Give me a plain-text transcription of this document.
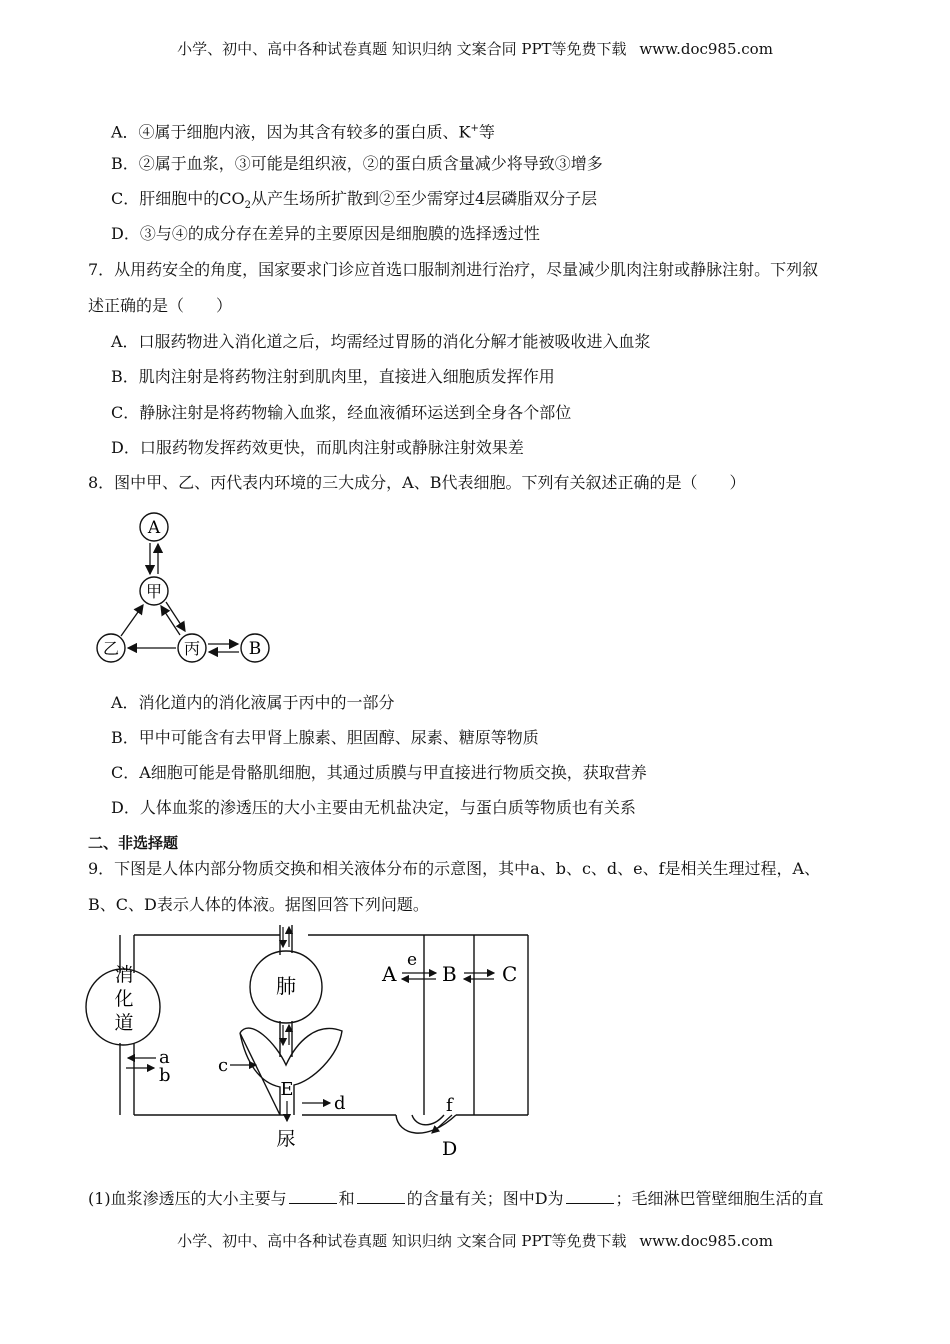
小学、初中、高中各种试卷真题 知识归纳 文案合同 PPT等免费下载 www.doc985.com
A．④属于细胞内液，因为其含有较多的蛋白质、K+等
B．②属于血浆，③可能是组织液，②的蛋白质含量减少将导致③增多
C．肝细胞中的$CO_2$从产生场所扩散到②至少需穿过4层磷脂双分子层
D．③与④的成分存在差异的主要原因是细胞膜的选择透过性
7．从用药安全的角度，国家要求门诊应首选口服制剂进行治疗，尽量减少肌肉注射或静脉注射。下列叙
述正确的是（　　）
A．口服药物进入消化道之后，均需经过胃肠的消化分解才能被吸收进入血浆
B．肌肉注射是将药物注射到肌肉里，直接进入细胞质发挥作用
C．静脉注射是将药物输入血浆，经血液循环运送到全身各个部位
D．口服药物发挥药效更快，而肌肉注射或静脉注射效果差
8．图中甲、乙、丙代表内环境的三大成分，A、B代表细胞。下列有关叙述正确的是（　　）
A
甲
乙	丙	B
A．消化道内的消化液属于丙中的一部分
B．甲中可能含有去甲肾上腺素、胆固醇、尿素、糖原等物质
C．A细胞可能是骨骼肌细胞，其通过质膜与甲直接进行物质交换，获取营养
D．人体血浆的渗透压的大小主要由无机盐决定，与蛋白质等物质也有关系
二、非选择题
9．下图是人体内部分物质交换和相关液体分布的示意图，其中a、b、c、d、e、f是相关生理过程，A、
B、C、D表示人体的体液。据图回答下列问题。
消
化
道
肺
a
b	c
E
d
尿
A
e
B C
f
D
(1)血浆渗透压的大小主要与	和	的含量有关；图中D为	；毛细淋巴管壁细胞生活的直
小学、初中、高中各种试卷真题 知识归纳 文案合同 PPT等免费下载 www.doc985.com
